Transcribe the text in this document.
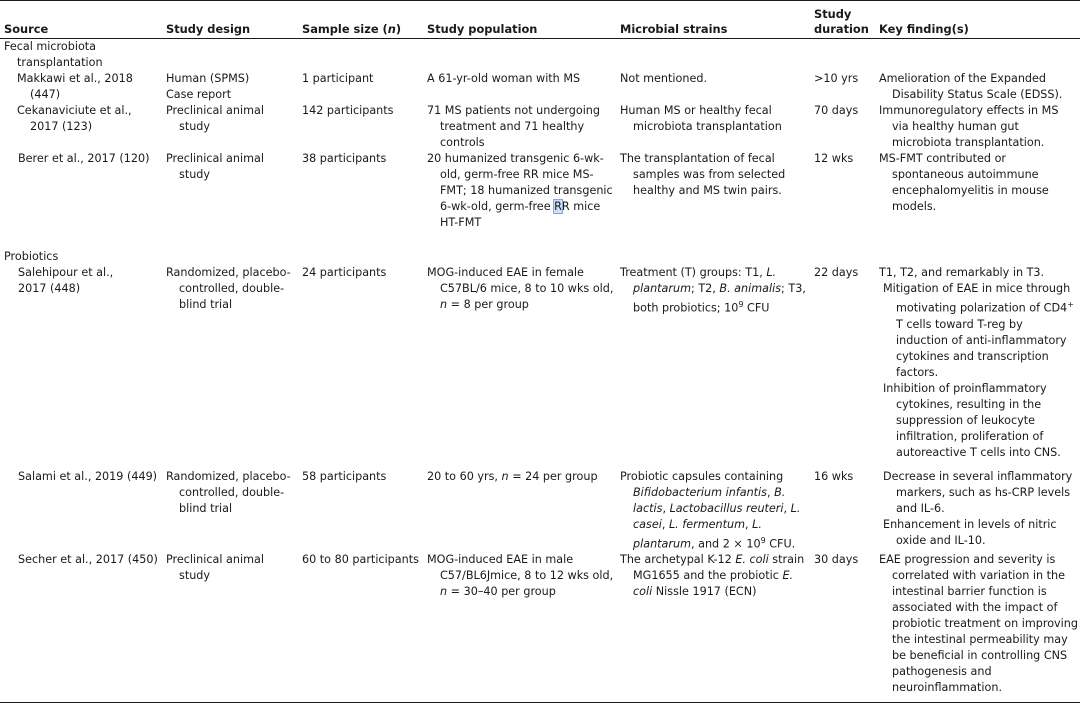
Source	Study design	Sample size (n)	Study population	Microbial strains	Study duration	Key finding(s)
Fecal microbiota transplantation						
Makkawi et al., 2018 (447)	Human (SPMS) Case report	1 participant	A 61-yr-old woman with MS	Not mentioned.	>10 yrs	Amelioration of the Expanded Disability Status Scale (EDSS).
Cekanaviciute et al., 2017 (123)	Preclinical animal study	142 participants	71 MS patients not undergoing treatment and 71 healthy controls	Human MS or healthy fecal microbiota transplantation	70 days	Immunoregulatory effects in MS via healthy human gut microbiota transplantation.
Berer et al., 2017 (120)	Preclinical animal study	38 participants	20 humanized transgenic 6-wk-old, germ-free RR mice MS-FMT; 18 humanized transgenic 6-wk-old, germ-free RR mice HT-FMT	The transplantation of fecal samples was from selected healthy and MS twin pairs.	12 wks	MS-FMT contributed or spontaneous autoimmune encephalomyelitis in mouse models.

Probiotics						
Salehipour et al., 2017 (448)	Randomized, placebo-controlled, double-blind trial	24 participants	MOG-induced EAE in female C57BL/6 mice, 8 to 10 wks old, n = 8 per group	Treatment (T) groups: T1, L. plantarum; T2, B. animalis; T3, both probiotics; $10^9$ CFU	22 days	T1, T2, and remarkably in T3.
Mitigation of EAE in mice through motivating polarization of CD4+ T cells toward T-reg by induction of anti-inflammatory cytokines and transcription factors.
Inhibition of proinflammatory cytokines, resulting in the suppression of leukocyte infiltration, proliferation of autoreactive T cells into CNS.

Salami et al., 2019 (449)	Randomized, placebo-controlled, double-blind trial	58 participants	20 to 60 yrs, n = 24 per group	Probiotic capsules containing Bifidobacterium infantis, B. lactis, Lactobacillus reuteri, L. casei, L. fermentum, L. plantarum, and $2 \times 10^9$ CFU.	16 wks	Decrease in several inflammatory markers, such as hs-CRP levels and IL-6.
Enhancement in levels of nitric oxide and IL-10.

Secher et al., 2017 (450)	Preclinical animal study	60 to 80 participants	MOG-induced EAE in male C57/BL6Jmice, 8 to 12 wks old, n = 30–40 per group	The archetypal K-12 E. coli strain MG1655 and the probiotic E. coli Nissle 1917 (ECN)	30 days	EAE progression and severity is correlated with variation in the intestinal barrier function is associated with the impact of probiotic treatment on improving the intestinal permeability may be beneficial in controlling CNS pathogenesis and neuroinflammation.
